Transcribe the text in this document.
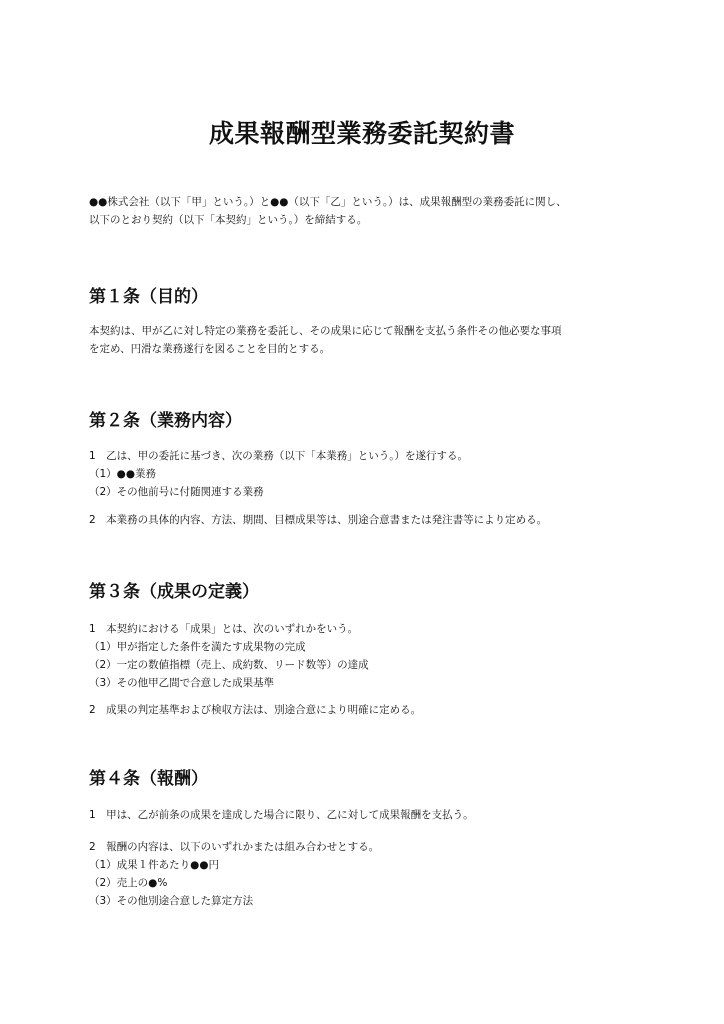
成果報酬型業務委託契約書

●●株式会社（以下「甲」という。）と●●（以下「乙」という。）は、成果報酬型の業務委託に関し、

以下のとおり契約（以下「本契約」という。）を締結する。

第１条（目的）

本契約は、甲が乙に対し特定の業務を委託し、その成果に応じて報酬を支払う条件その他必要な事項

を定め、円滑な業務遂行を図ることを目的とする。

第２条（業務内容）

1　乙は、甲の委託に基づき、次の業務（以下「本業務」という。）を遂行する。

（1）●●業務

（2）その他前号に付随関連する業務

2　本業務の具体的内容、方法、期間、目標成果等は、別途合意書または発注書等により定める。

第３条（成果の定義）

1　本契約における「成果」とは、次のいずれかをいう。

（1）甲が指定した条件を満たす成果物の完成

（2）一定の数値指標（売上、成約数、リード数等）の達成

（3）その他甲乙間で合意した成果基準

2　成果の判定基準および検収方法は、別途合意により明確に定める。

第４条（報酬）

1　甲は、乙が前条の成果を達成した場合に限り、乙に対して成果報酬を支払う。

2　報酬の内容は、以下のいずれかまたは組み合わせとする。

（1）成果１件あたり●●円

（2）売上の●%

（3）その他別途合意した算定方法
